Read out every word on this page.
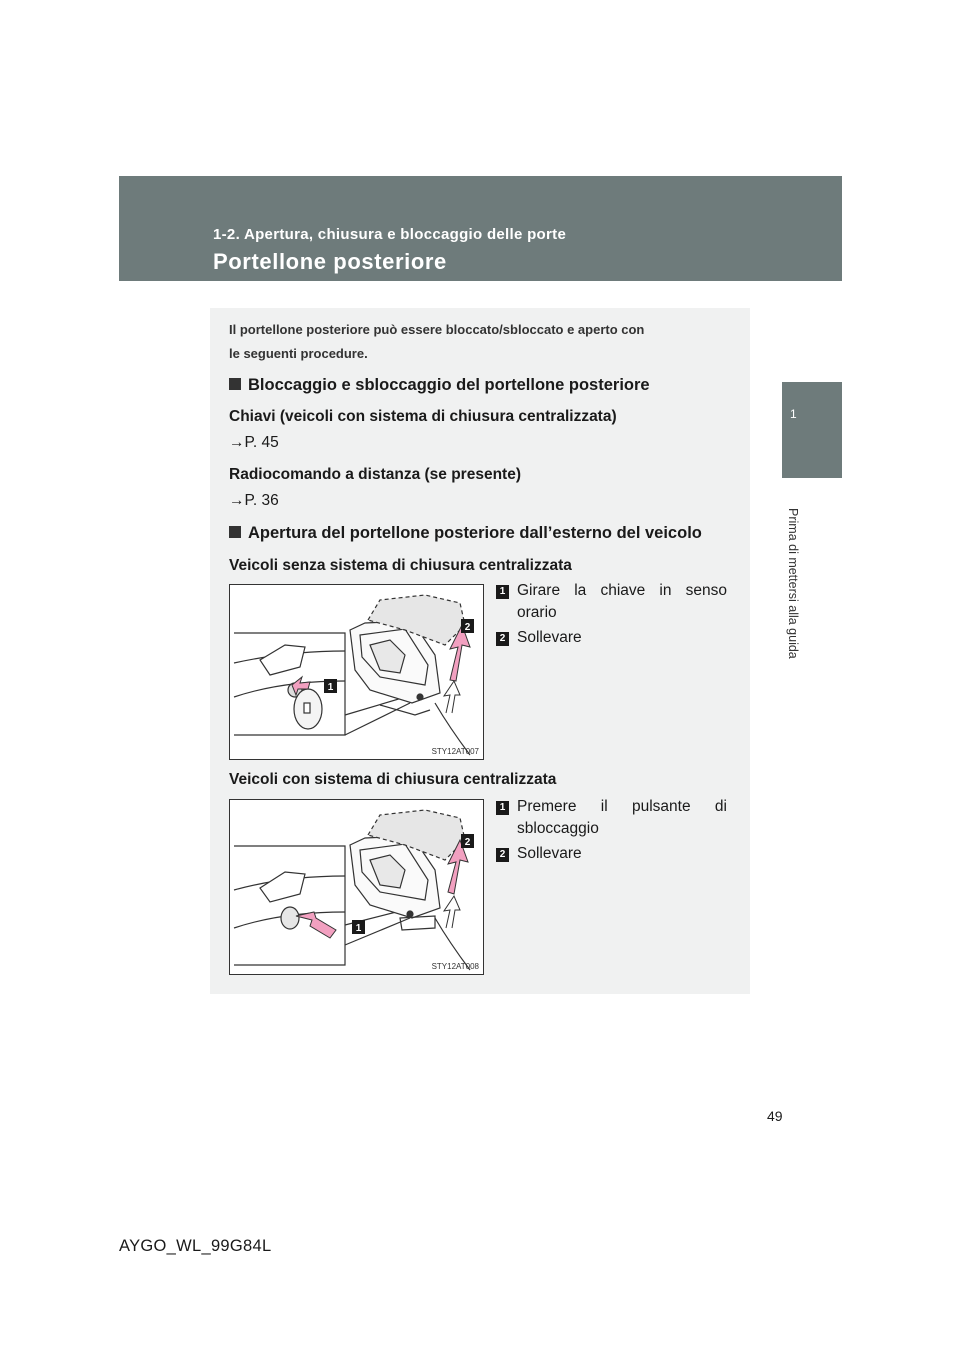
1-2. Apertura, chiusura e bloccaggio delle porte
Portellone posteriore
1
Prima di mettersi alla guida
Il portellone posteriore può essere bloccato/sbloccato e aperto con
le seguenti procedure.
Bloccaggio e sbloccaggio del portellone posteriore
Chiavi (veicoli con sistema di chiusura centralizzata)
→P. 45
Radiocomando a distanza (se presente)
→P. 36
Apertura del portellone posteriore dall’esterno del veicolo
Veicoli senza sistema di chiusura centralizzata
1
2
STY12AT007
1 Girare la chiave in senso orario
2 Sollevare
Veicoli con sistema di chiusura centralizzata
1
2
STY12AT008
1 Premere il pulsante di sbloccaggio
2 Sollevare
49
AYGO_WL_99G84L
